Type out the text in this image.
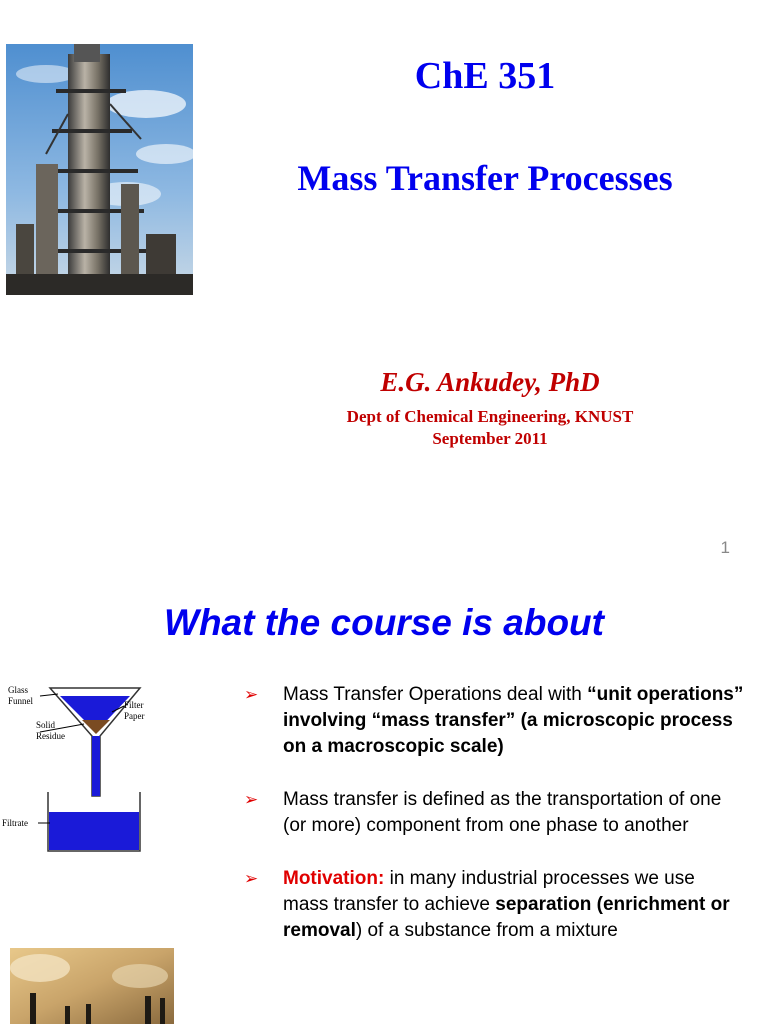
ChE 351
Mass Transfer Processes
E.G. Ankudey, PhD
Dept of Chemical Engineering, KNUST
September 2011
1
What the course is about
Glass
Funnel	Filter
Paper
Solid
Residue
Filtrate
➢ Mass Transfer Operations deal with “unit operations” involving “mass transfer” (a microscopic process on a macroscopic scale)
➢ Mass transfer is defined as the transportation of one (or more) component from one phase to another
➢ Motivation: in many industrial processes we use mass transfer to achieve separation (enrichment or removal) of a substance from a mixture
